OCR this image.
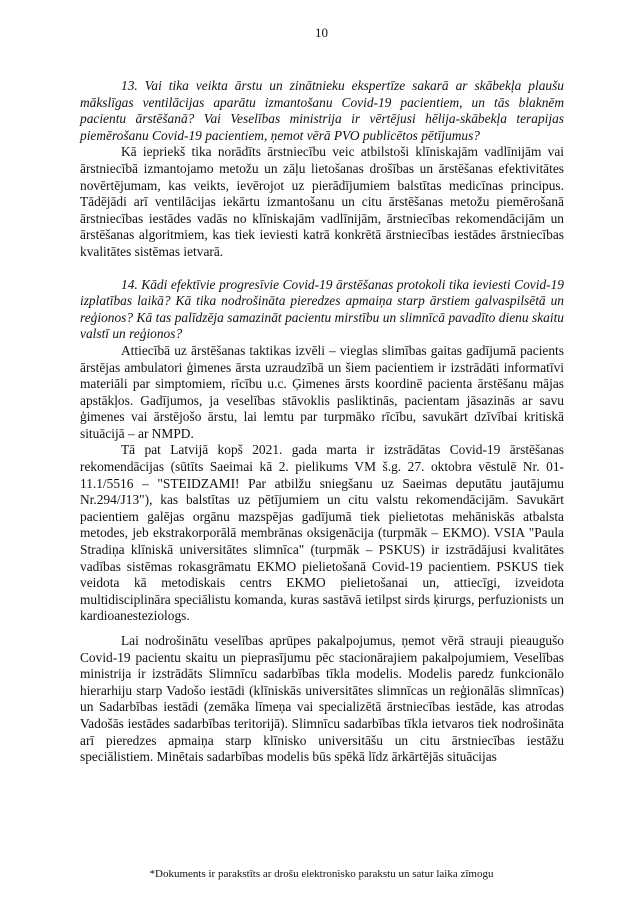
10

13. Vai tika veikta ārstu un zinātnieku ekspertīze sakarā ar skābekļa plaušu mākslīgas ventilācijas aparātu izmantošanu Covid-19 pacientiem, un tās blaknēm pacientu ārstēšanā? Vai Veselības ministrija ir vērtējusi hēlija-skābekļa terapijas piemērošanu Covid-19 pacientiem, ņemot vērā PVO publicētos pētījumus?

Kā iepriekš tika norādīts ārstniecību veic atbilstoši klīniskajām vadlīnijām vai ārstniecībā izmantojamo metožu un zāļu lietošanas drošības un ārstēšanas efektivitātes novērtējumam, kas veikts, ievērojot uz pierādījumiem balstītas medicīnas principus. Tādējādi arī ventilācijas iekārtu izmantošanu un citu ārstēšanas metožu piemērošanā ārstniecības iestādes vadās no klīniskajām vadlīnijām, ārstniecības rekomendācijām un ārstēšanas algoritmiem, kas tiek ieviesti katrā konkrētā ārstniecības iestādes ārstniecības kvalitātes sistēmas ietvarā.

14. Kādi efektīvie progresīvie Covid-19 ārstēšanas protokoli tika ieviesti Covid-19 izplatības laikā? Kā tika nodrošināta pieredzes apmaiņa starp ārstiem galvaspilsētā un reģionos? Kā tas palīdzēja samazināt pacientu mirstību un slimnīcā pavadīto dienu skaitu valstī un reģionos?

Attiecībā uz ārstēšanas taktikas izvēli – vieglas slimības gaitas gadījumā pacients ārstējas ambulatori ģimenes ārsta uzraudzībā un šiem pacientiem ir izstrādāti informatīvi materiāli par simptomiem, rīcību u.c. Ģimenes ārsts koordinē pacienta ārstēšanu mājas apstākļos. Gadījumos, ja veselības stāvoklis pasliktinās, pacientam jāsazinās ar savu ģimenes vai ārstējošo ārstu, lai lemtu par turpmāko rīcību, savukārt dzīvībai kritiskā situācijā – ar NMPD.

Tā pat Latvijā kopš 2021. gada marta ir izstrādātas Covid-19 ārstēšanas rekomendācijas (sūtīts Saeimai kā 2. pielikums VM š.g. 27. oktobra vēstulē Nr. 01-11.1/5516 – "STEIDZAMI! Par atbilžu sniegšanu uz Saeimas deputātu jautājumu Nr.294/J13"), kas balstītas uz pētījumiem un citu valstu rekomendācijām. Savukārt pacientiem galējas orgānu mazspējas gadījumā tiek pielietotas mehāniskās atbalsta metodes, jeb ekstrakorporālā membrānas oksigenācija (turpmāk – EKMO). VSIA "Paula Stradiņa klīniskā universitātes slimnīca" (turpmāk – PSKUS) ir izstrādājusi kvalitātes vadības sistēmas rokasgrāmatu EKMO pielietošanā Covid-19 pacientiem. PSKUS tiek veidota kā metodiskais centrs EKMO pielietošanai un, attiecīgi, izveidota multidisciplināra speciālistu komanda, kuras sastāvā ietilpst sirds ķirurgs, perfuzionists un kardioanesteziologs.

Lai nodrošinātu veselības aprūpes pakalpojumus, ņemot vērā strauji pieaugušo Covid-19 pacientu skaitu un pieprasījumu pēc stacionārajiem pakalpojumiem, Veselības ministrija ir izstrādāts Slimnīcu sadarbības tīkla modelis. Modelis paredz funkcionālo hierarhiju starp Vadošo iestādi (klīniskās universitātes slimnīcas un reģionālās slimnīcas) un Sadarbības iestādi (zemāka līmeņa vai specializētā ārstniecības iestāde, kas atrodas Vadošās iestādes sadarbības teritorijā). Slimnīcu sadarbības tīkla ietvaros tiek nodrošināta arī pieredzes apmaiņa starp klīnisko universitāšu un citu ārstniecības iestāžu speciālistiem. Minētais sadarbības modelis būs spēkā līdz ārkārtējās situācijas

*Dokuments ir parakstīts ar drošu elektronisko parakstu un satur laika zīmogu
